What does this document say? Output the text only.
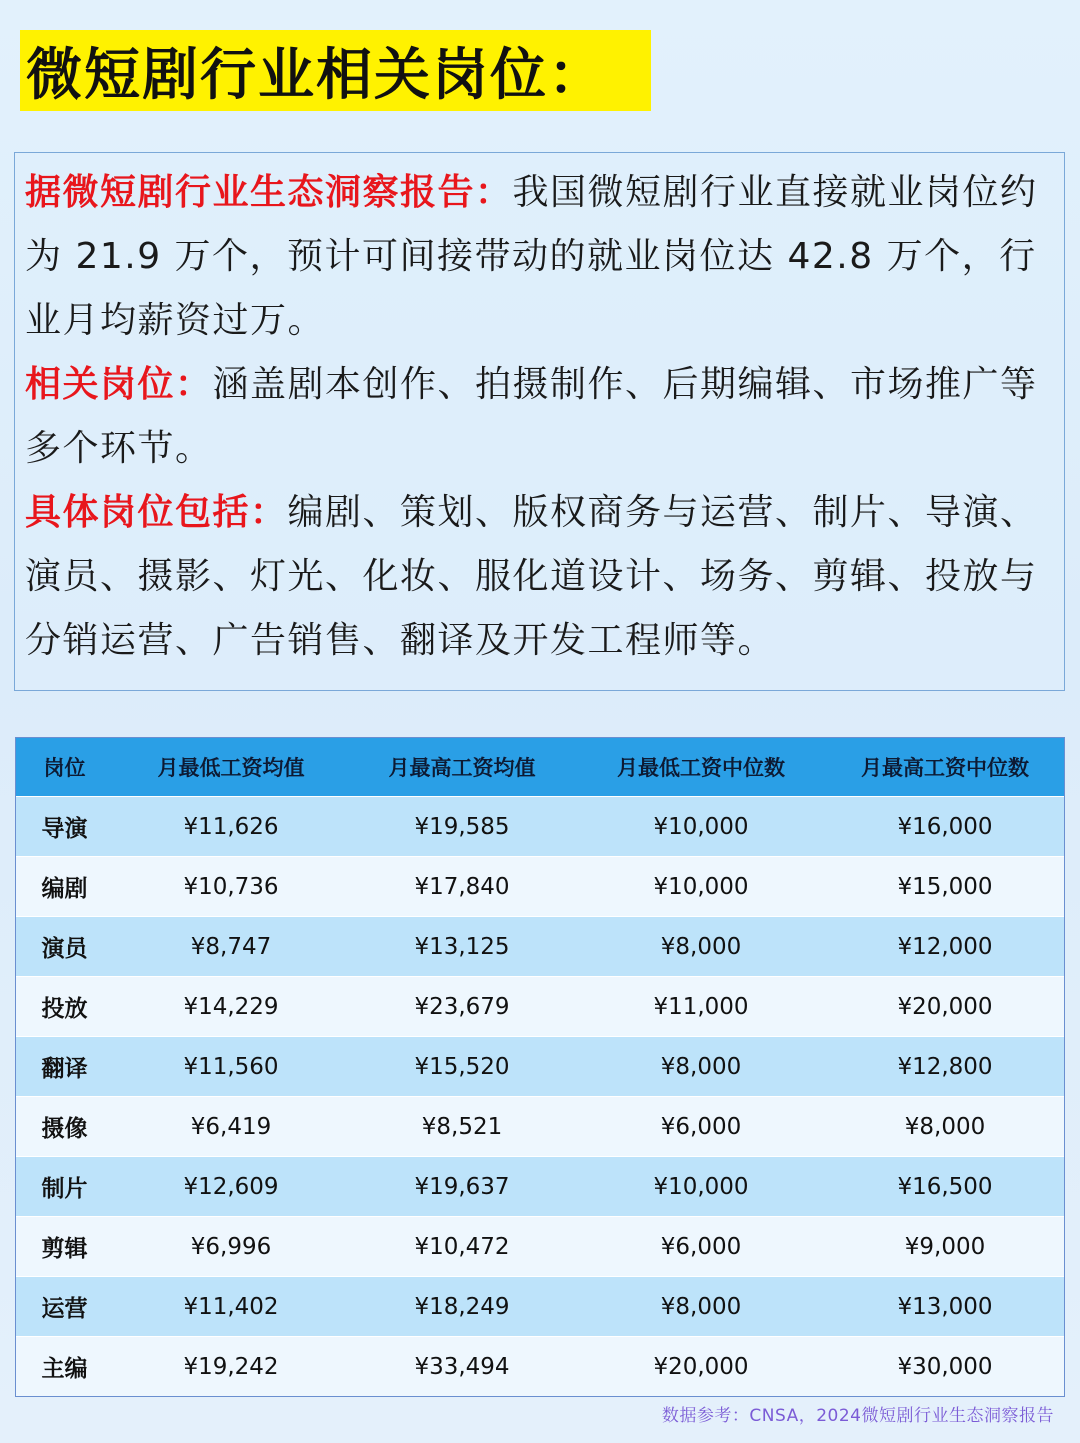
微短剧行业相关岗位：

据微短剧行业生态洞察报告：我国微短剧行业直接就业岗位约为 21.9 万个，预计可间接带动的就业岗位达 42.8 万个，行业月均薪资过万。

相关岗位：涵盖剧本创作、拍摄制作、后期编辑、市场推广等多个环节。

具体岗位包括：编剧、策划、版权商务与运营、制片、导演、演员、摄影、灯光、化妆、服化道设计、场务、剪辑、投放与分销运营、广告销售、翻译及开发工程师等。

岗位	月最低工资均值	月最高工资均值	月最低工资中位数	月最高工资中位数
导演	¥11,626	¥19,585	¥10,000	¥16,000
编剧	¥10,736	¥17,840	¥10,000	¥15,000
演员	¥8,747	¥13,125	¥8,000	¥12,000
投放	¥14,229	¥23,679	¥11,000	¥20,000
翻译	¥11,560	¥15,520	¥8,000	¥12,800
摄像	¥6,419	¥8,521	¥6,000	¥8,000
制片	¥12,609	¥19,637	¥10,000	¥16,500
剪辑	¥6,996	¥10,472	¥6,000	¥9,000
运营	¥11,402	¥18,249	¥8,000	¥13,000
主编	¥19,242	¥33,494	¥20,000	¥30,000
数据参考：CNSA，2024微短剧行业生态洞察报告
